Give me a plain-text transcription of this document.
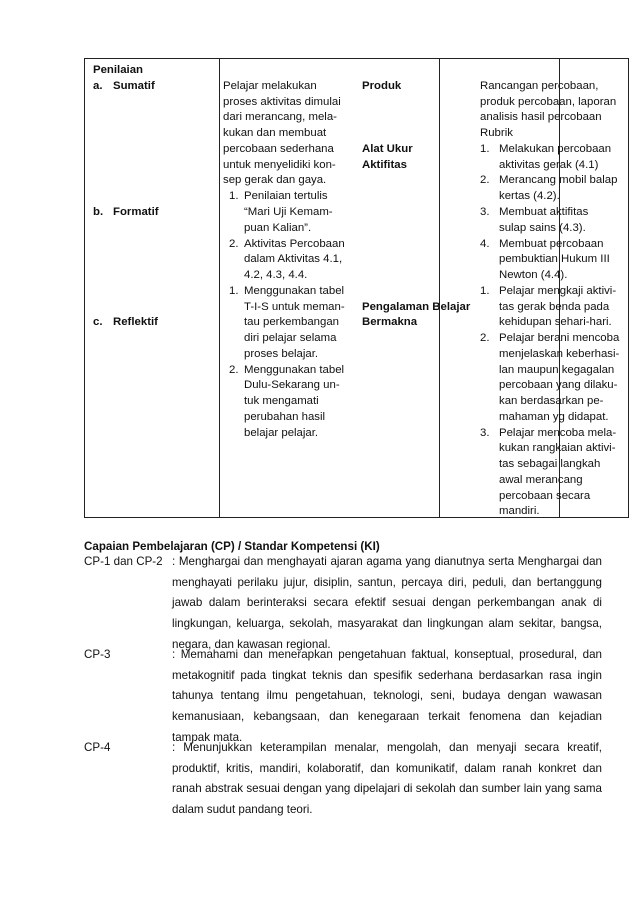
Penilaian
a. Sumatif
b. Formatif
c. Reflektif
Pelajar melakukan
proses aktivitas dimulai
dari merancang, mela-
kukan dan membuat
percobaan sederhana
untuk menyelidiki kon-
sep gerak dan gaya.
1. Penilaian tertulis
“Mari Uji Kemam-
puan Kalian”.
2. Aktivitas Percobaan
dalam Aktivitas 4.1,
4.2, 4.3, 4.4.
1. Menggunakan tabel
T-I-S untuk meman-
tau perkembangan
diri pelajar selama
proses belajar.
2. Menggunakan tabel
Dulu-Sekarang un-
tuk mengamati
perubahan hasil
belajar pelajar.
Produk
Alat Ukur
Aktifitas
Pengalaman Belajar
Bermakna
Rancangan percobaan,
produk percobaan, laporan
analisis hasil percobaan
Rubrik
1. Melakukan percobaan
aktivitas gerak (4.1)
2. Merancang mobil balap
kertas (4.2).
3. Membuat aktifitas
sulap sains (4.3).
4. Membuat percobaan
pembuktian Hukum III
Newton (4.4).
1. Pelajar mengkaji aktivi-
tas gerak benda pada
kehidupan sehari-hari.
2. Pelajar berani mencoba
menjelaskan keberhasi-
lan maupun kegagalan
percobaan yang dilaku-
kan berdasarkan pe-
mahaman yg didapat.
3. Pelajar mencoba mela-
kukan rangkaian aktivi-
tas sebagai langkah
awal merancang
percobaan secara
mandiri.
Capaian Pembelajaran (CP) / Standar Kompetensi (KI)
CP-1 dan CP-2 : Menghargai dan menghayati ajaran agama yang dianutnya serta Menghargai dan
menghayati perilaku jujur, disiplin, santun, percaya diri, peduli, dan bertanggung
jawab dalam berinteraksi secara efektif sesuai dengan perkembangan anak di
lingkungan, keluarga, sekolah, masyarakat dan lingkungan alam sekitar, bangsa,
negara, dan kawasan regional.
CP-3	: Memahami dan menerapkan pengetahuan faktual, konseptual, prosedural, dan
metakognitif pada tingkat teknis dan spesifik sederhana berdasarkan rasa ingin
tahunya tentang ilmu pengetahuan, teknologi, seni, budaya dengan wawasan
kemanusiaan, kebangsaan, dan kenegaraan terkait fenomena dan kejadian
tampak mata.
CP-4	: Menunjukkan keterampilan menalar, mengolah, dan menyaji secara kreatif,
produktif, kritis, mandiri, kolaboratif, dan komunikatif, dalam ranah konkret dan
ranah abstrak sesuai dengan yang dipelajari di sekolah dan sumber lain yang sama
dalam sudut pandang teori.
